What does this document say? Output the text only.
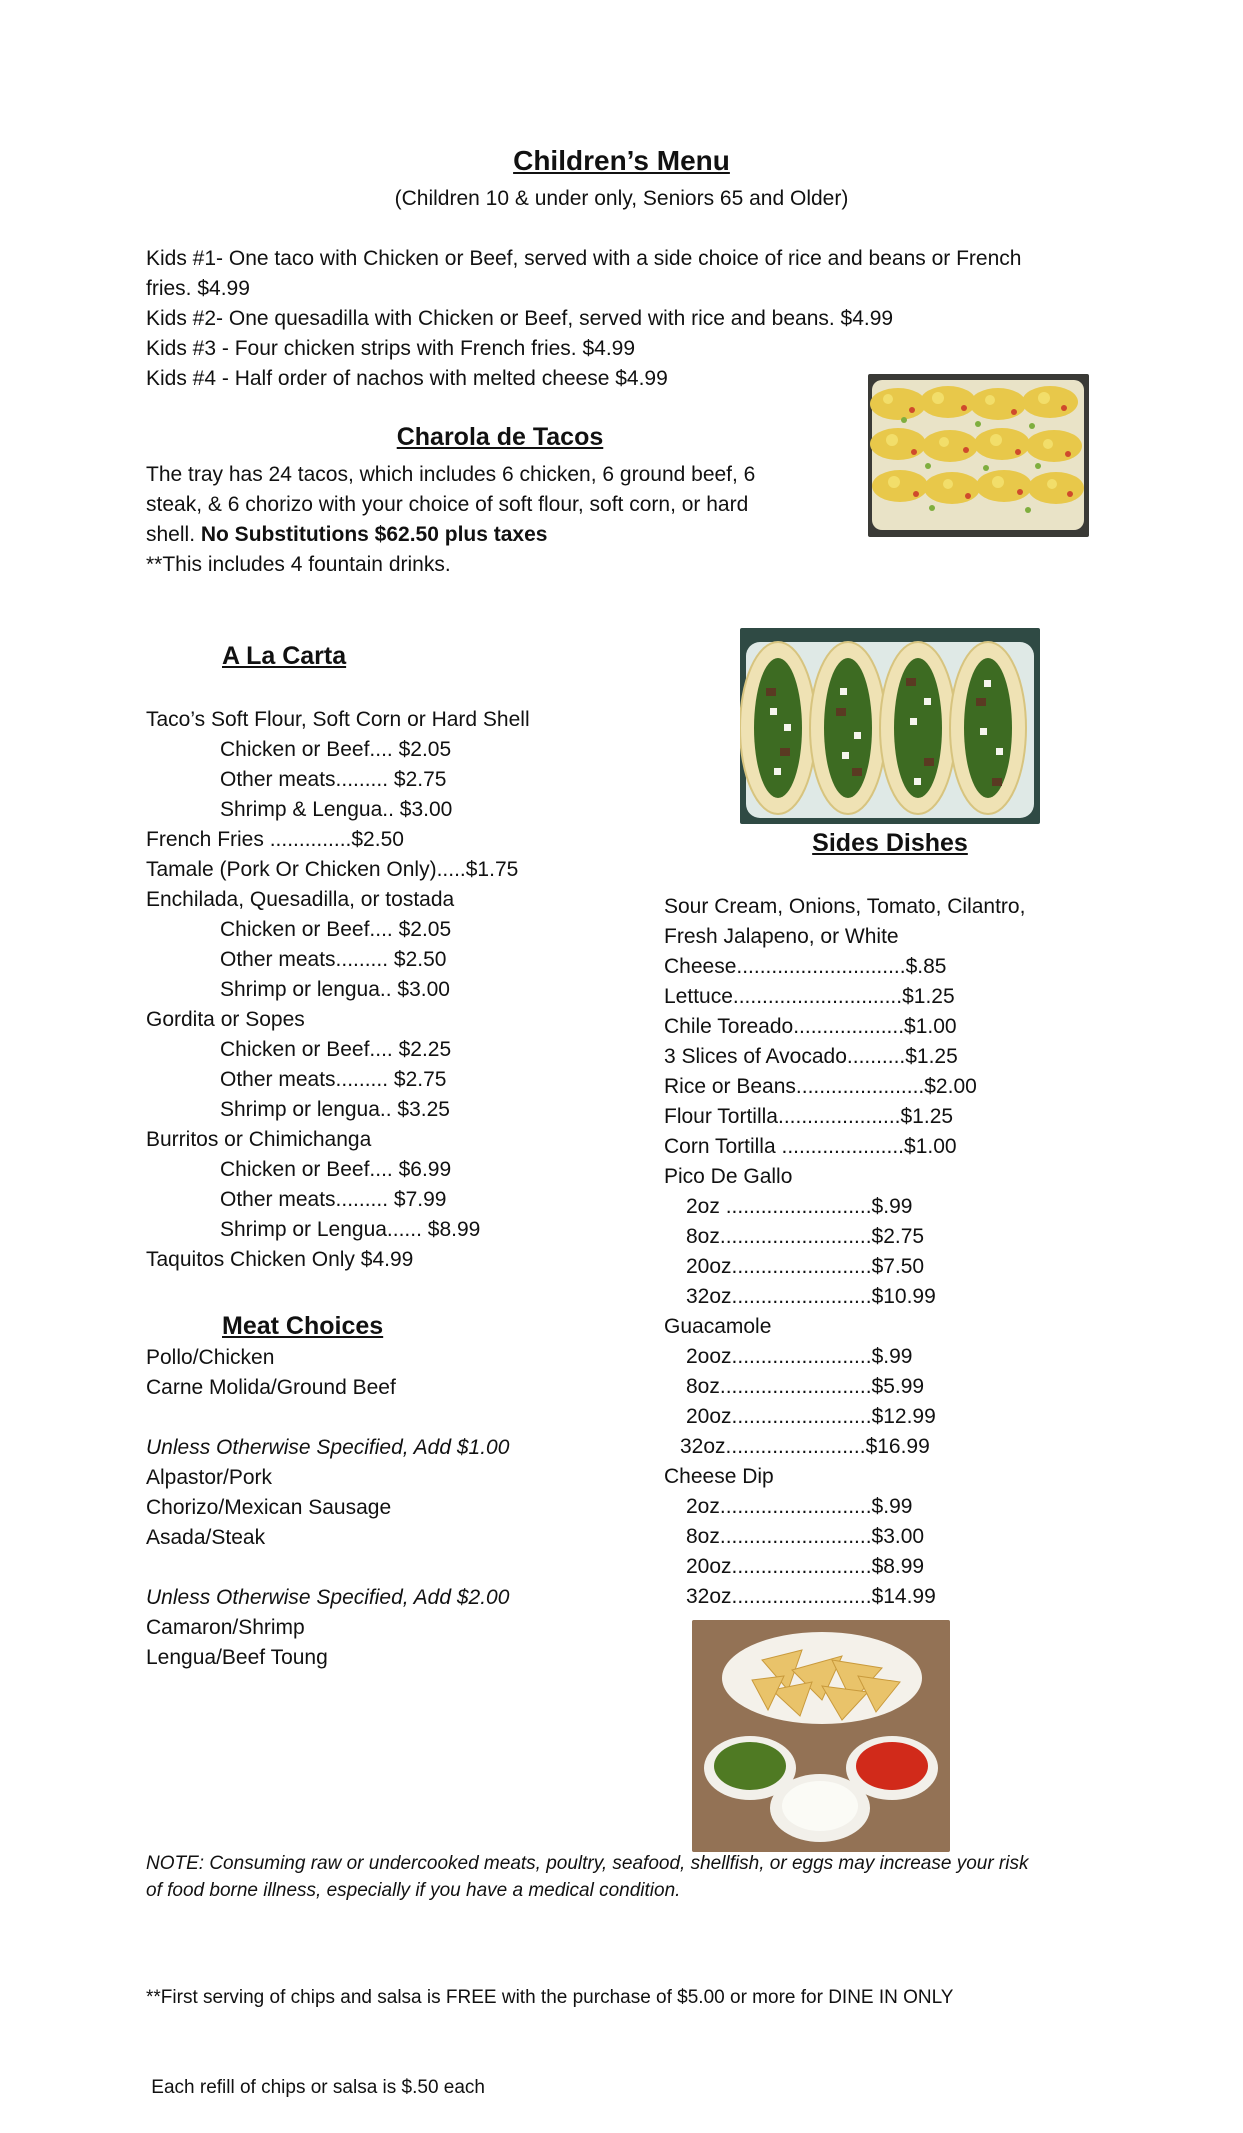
Children’s Menu
(Children 10 & under only, Seniors 65 and Older)
Kids #1- One taco with Chicken or Beef, served with a side choice of rice and beans or French
fries. $4.99
Kids #2- One quesadilla with Chicken or Beef, served with rice and beans. $4.99
Kids #3 - Four chicken strips with French fries. $4.99
Kids #4 - Half order of nachos with melted cheese $4.99
Charola de Tacos
The tray has 24 tacos, which includes 6 chicken, 6 ground beef, 6
steak, & 6 chorizo with your choice of soft flour, soft corn, or hard
shell. No Substitutions $62.50 plus taxes
**This includes 4 fountain drinks.
A La Carta
Taco’s Soft Flour, Soft Corn or Hard Shell
Chicken or Beef.... $2.05
Other meats......... $2.75
Shrimp & Lengua.. $3.00
French Fries ..............$2.50
Tamale (Pork Or Chicken Only).....$1.75
Enchilada, Quesadilla, or tostada
Chicken or Beef.... $2.05
Other meats......... $2.50
Shrimp or lengua.. $3.00
Gordita or Sopes
Chicken or Beef.... $2.25
Other meats......... $2.75
Shrimp or lengua.. $3.25
Burritos or Chimichanga
Chicken or Beef.... $6.99
Other meats......... $7.99
Shrimp or Lengua...... $8.99
Taquitos Chicken Only $4.99
Meat Choices
Pollo/Chicken
Carne Molida/Ground Beef
Unless Otherwise Specified, Add $1.00
Alpastor/Pork
Chorizo/Mexican Sausage
Asada/Steak
Unless Otherwise Specified, Add $2.00
Camaron/Shrimp
Lengua/Beef Toung
Sides Dishes
Sour Cream, Onions, Tomato, Cilantro,
Fresh Jalapeno, or White
Cheese.............................$.85
Lettuce.............................$1.25
Chile Toreado...................$1.00
3 Slices of Avocado..........$1.25
Rice or Beans......................$2.00
Flour Tortilla.....................$1.25
Corn Tortilla .....................$1.00
Pico De Gallo
2oz .........................$.99
8oz..........................$2.75
20oz........................$7.50
32oz........................$10.99
Guacamole
2ooz........................$.99
8oz..........................$5.99
20oz........................$12.99
32oz........................$16.99
Cheese Dip
2oz..........................$.99
8oz..........................$3.00
20oz........................$8.99
32oz........................$14.99
NOTE: Consuming raw or undercooked meats, poultry, seafood, shellfish, or eggs may increase your risk
of food borne illness, especially if you have a medical condition.

**First serving of chips and salsa is FREE with the purchase of $5.00 or more for DINE IN ONLY

Each refill of chips or salsa is $.50 each
